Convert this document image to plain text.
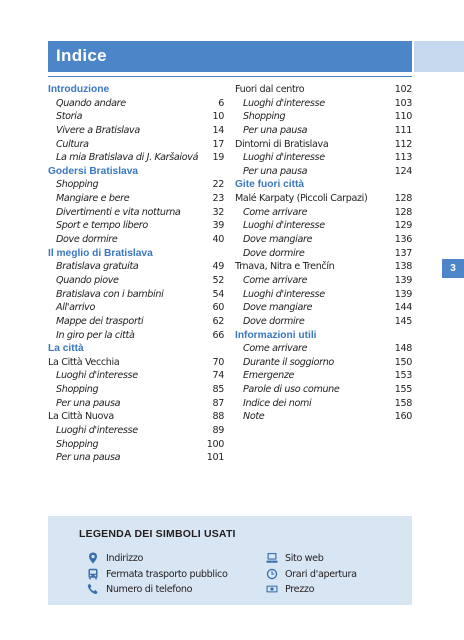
Indice
3
Introduzione
Quando andare	6
Storia	10
Vivere a Bratislava	14
Cultura	17
La mia Bratislava di J. Karšaiová 19
Godersi Bratislava
Shopping	22
Mangiare e bere	23
Divertimenti e vita notturna	32
Sport e tempo libero	39
Dove dormire	40
Il meglio di Bratislava
Bratislava gratuita	49
Quando piove	52
Bratislava con i bambini	54
All'arrivo	60
Mappe dei trasporti	62
In giro per la città	66
La città
La Città Vecchia	70
Luoghi d'interesse	74
Shopping	85
Per una pausa	87
La Città Nuova	88
Luoghi d'interesse	89
Shopping	100
Per una pausa	101
Fuori dal centro	102
Luoghi d'interesse	103
Shopping	110
Per una pausa	111
Dintorni di Bratislava	112
Luoghi d'interesse	113
Per una pausa	124
Gite fuori città
Malé Karpaty (Piccoli Carpazi)	128
Come arrivare	128
Luoghi d'interesse	129
Dove mangiare	136
Dove dormire	137
Trnava, Nitra e Trenčín	138
Come arrivare	139
Luoghi d'interesse	139
Dove mangiare	144
Dove dormire	145
Informazioni utili
Come arrivare	148
Durante il soggiorno	150
Emergenze	153
Parole di uso comune	155
Indice dei nomi	158
Note	160
LEGENDA DEI SIMBOLI USATI
Indirizzo
Fermata trasporto pubblico
Numero di telefono
Sito web
Orari d'apertura
Prezzo
